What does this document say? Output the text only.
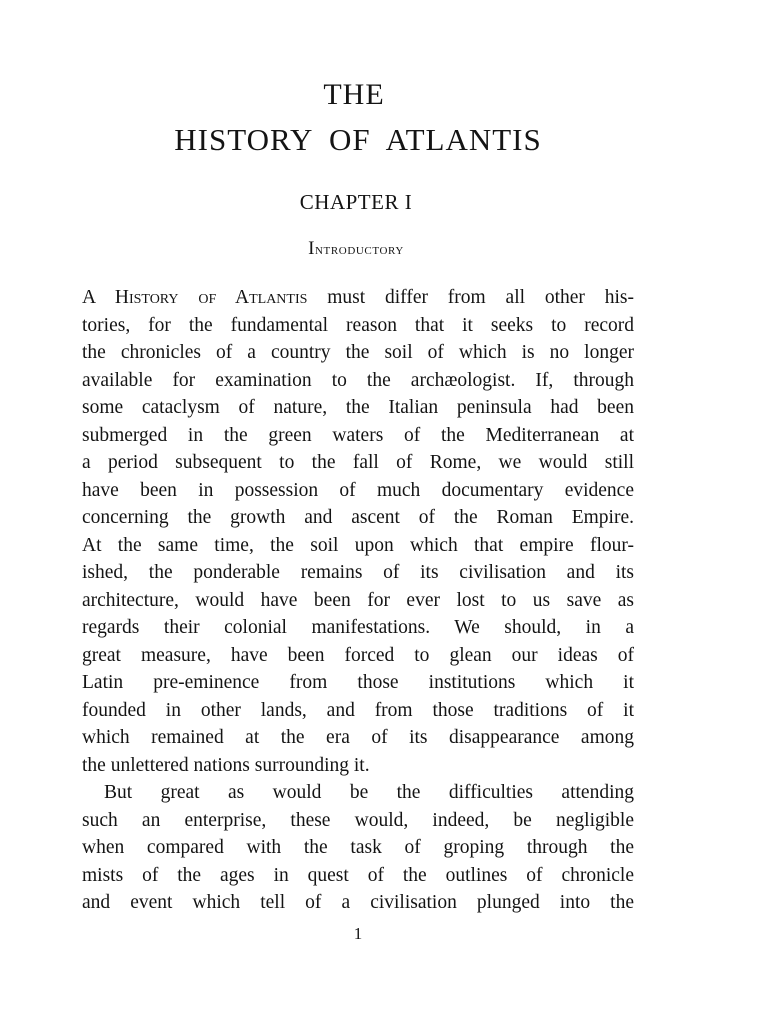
THE
HISTORY OF ATLANTIS
CHAPTER I
Introductory
A History of Atlantis must differ from all other his-
tories, for the fundamental reason that it seeks to record
the chronicles of a country the soil of which is no longer
available for examination to the archæologist. If, through
some cataclysm of nature, the Italian peninsula had been
submerged in the green waters of the Mediterranean at
a period subsequent to the fall of Rome, we would still
have been in possession of much documentary evidence
concerning the growth and ascent of the Roman Empire.
At the same time, the soil upon which that empire flour-
ished, the ponderable remains of its civilisation and its
architecture, would have been for ever lost to us save as
regards their colonial manifestations. We should, in a
great measure, have been forced to glean our ideas of
Latin pre-eminence from those institutions which it
founded in other lands, and from those traditions of it
which remained at the era of its disappearance among
the unlettered nations surrounding it.
But great as would be the difficulties attending
such an enterprise, these would, indeed, be negligible
when compared with the task of groping through the
mists of the ages in quest of the outlines of chronicle
and event which tell of a civilisation plunged into the

1
